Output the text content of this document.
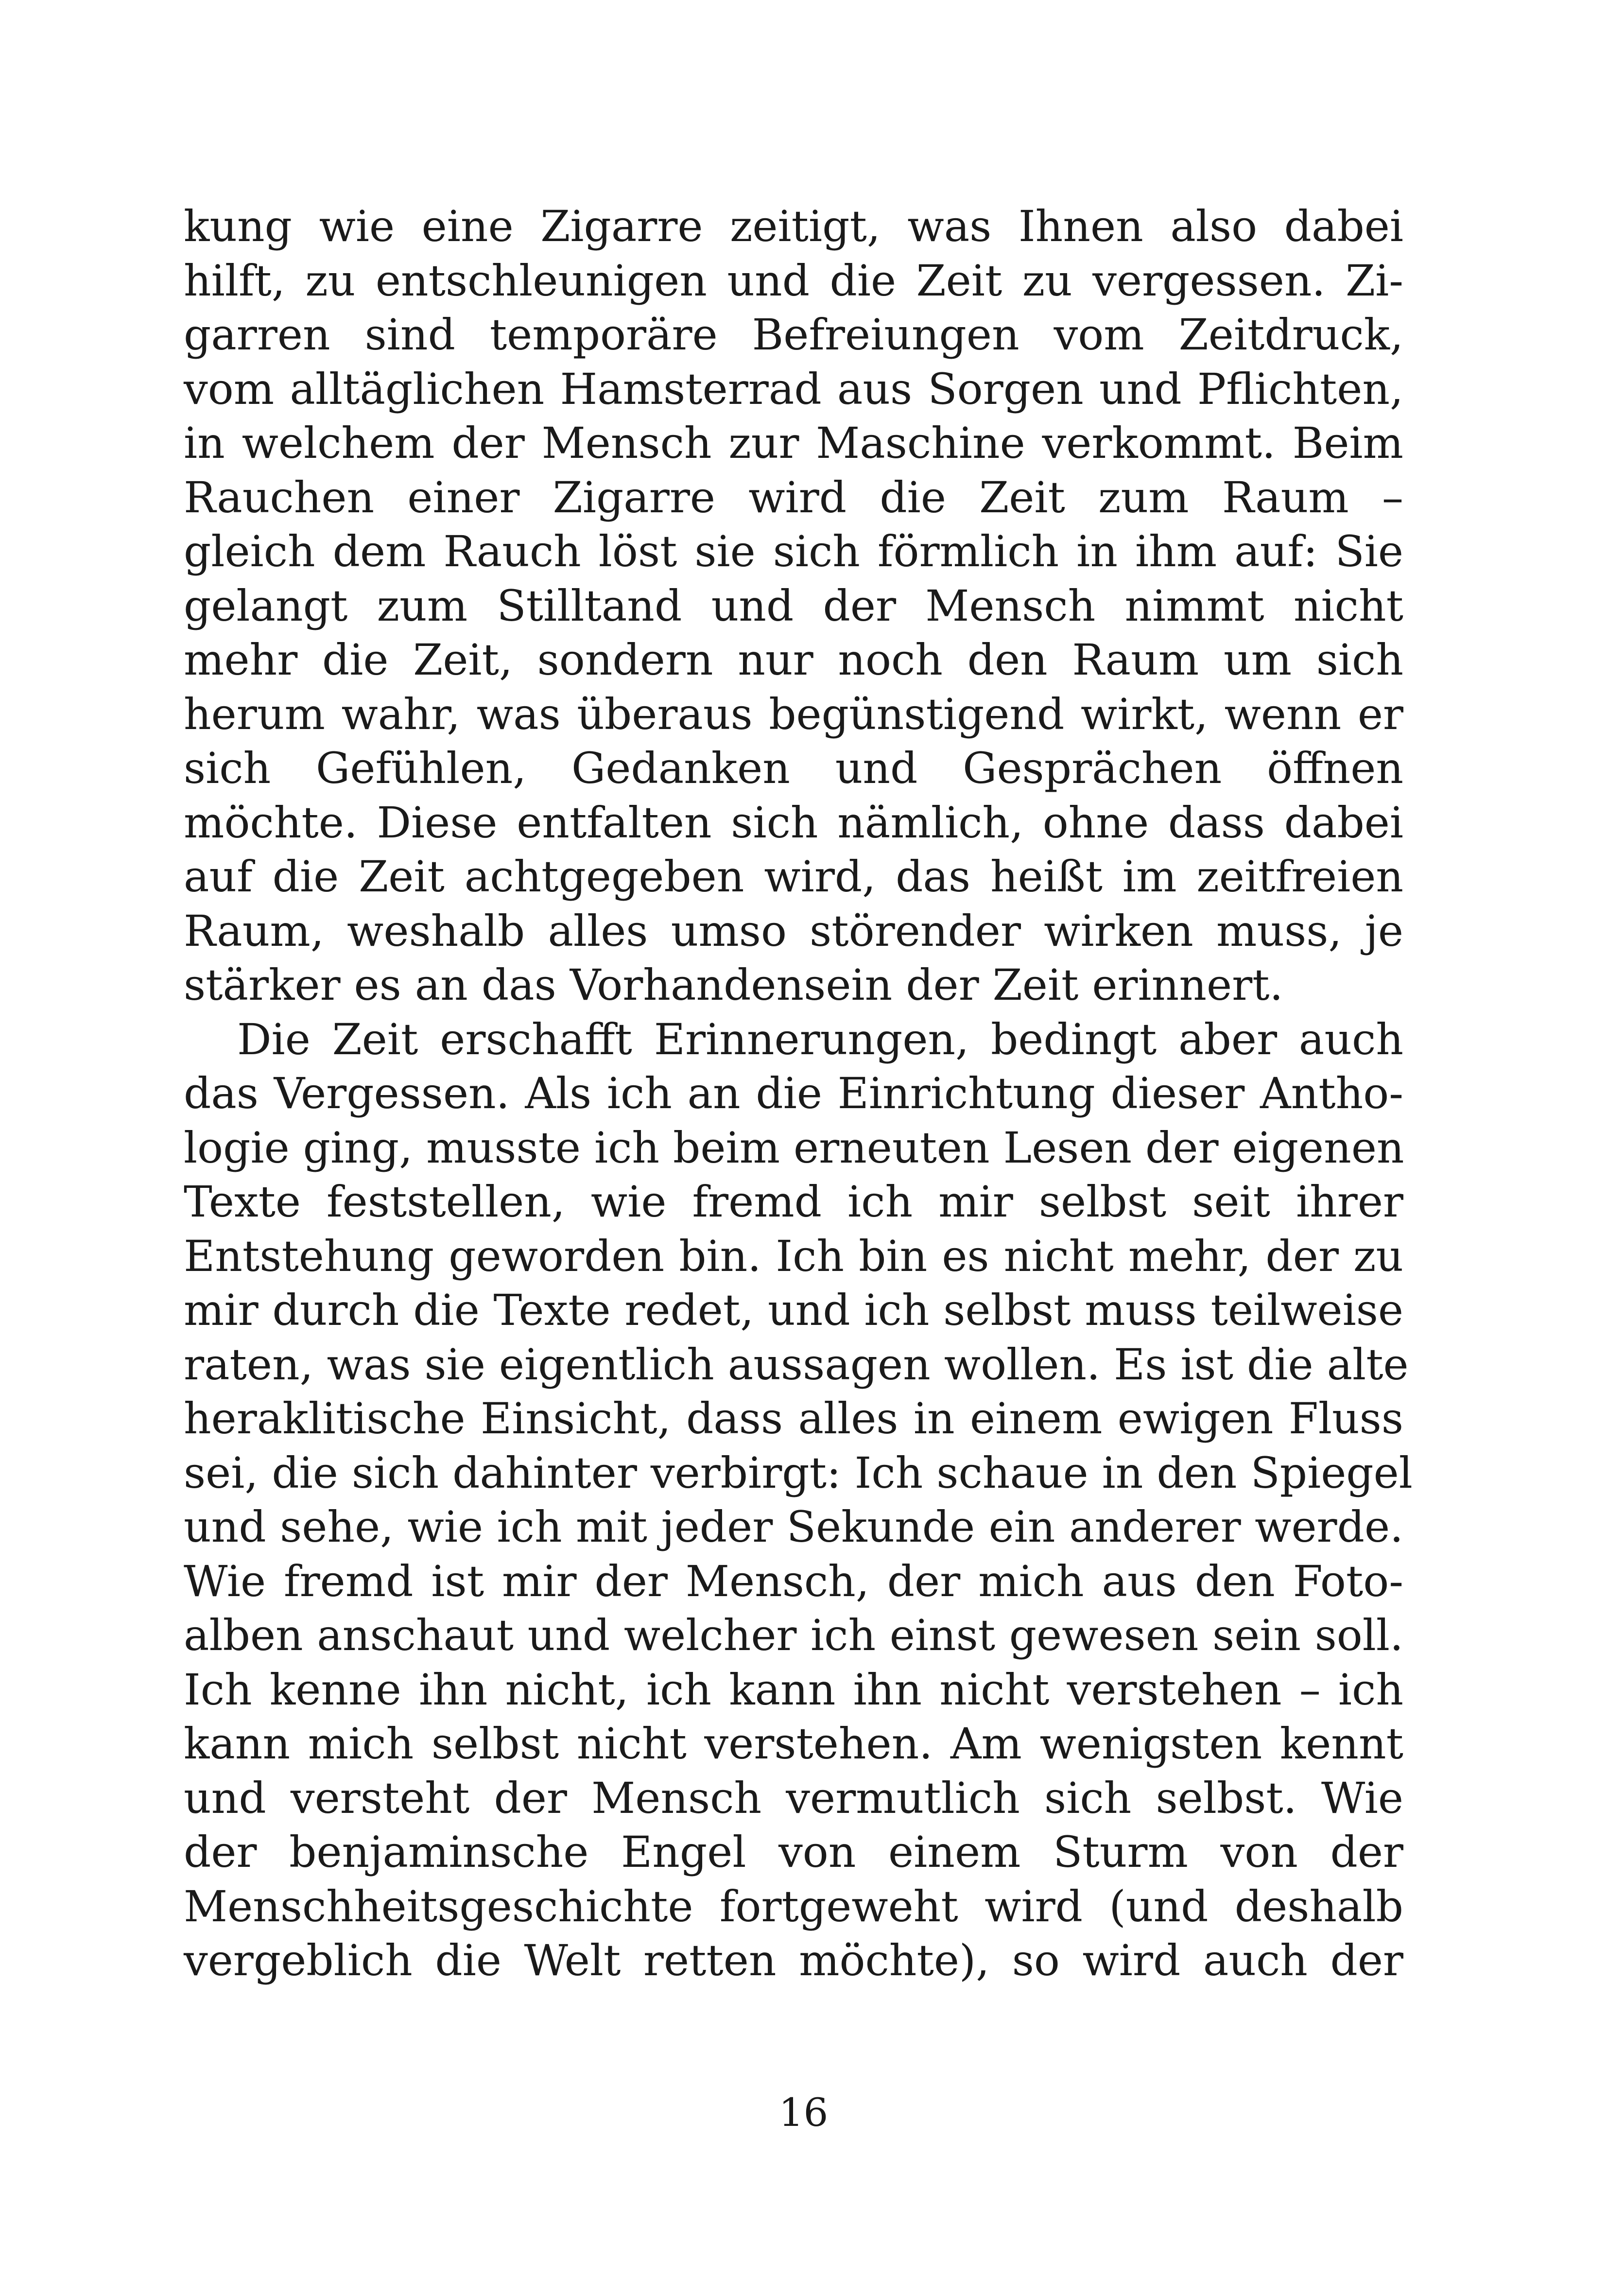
kung wie eine Zigarre zeitigt, was Ihnen also dabei
hilft, zu entschleunigen und die Zeit zu vergessen. Zi-
garren sind temporäre Befreiungen vom Zeitdruck,
vom alltäglichen Hamsterrad aus Sorgen und Pflichten,
in welchem der Mensch zur Maschine verkommt. Beim
Rauchen einer Zigarre wird die Zeit zum Raum –
gleich dem Rauch löst sie sich förmlich in ihm auf: Sie
gelangt zum Stilltand und der Mensch nimmt nicht
mehr die Zeit, sondern nur noch den Raum um sich
herum wahr, was überaus begünstigend wirkt, wenn er
sich Gefühlen, Gedanken und Gesprächen öffnen
möchte. Diese entfalten sich nämlich, ohne dass dabei
auf die Zeit achtgegeben wird, das heißt im zeitfreien
Raum, weshalb alles umso störender wirken muss, je
stärker es an das Vorhandensein der Zeit erinnert.
Die Zeit erschafft Erinnerungen, bedingt aber auch
das Vergessen. Als ich an die Einrichtung dieser Antho-
logie ging, musste ich beim erneuten Lesen der eigenen
Texte feststellen, wie fremd ich mir selbst seit ihrer
Entstehung geworden bin. Ich bin es nicht mehr, der zu
mir durch die Texte redet, und ich selbst muss teilweise
raten, was sie eigentlich aussagen wollen. Es ist die alte
heraklitische Einsicht, dass alles in einem ewigen Fluss
sei, die sich dahinter verbirgt: Ich schaue in den Spiegel
und sehe, wie ich mit jeder Sekunde ein anderer werde.
Wie fremd ist mir der Mensch, der mich aus den Foto-
alben anschaut und welcher ich einst gewesen sein soll.
Ich kenne ihn nicht, ich kann ihn nicht verstehen – ich
kann mich selbst nicht verstehen. Am wenigsten kennt
und versteht der Mensch vermutlich sich selbst. Wie
der benjaminsche Engel von einem Sturm von der
Menschheitsgeschichte fortgeweht wird (und deshalb
vergeblich die Welt retten möchte), so wird auch der
16
